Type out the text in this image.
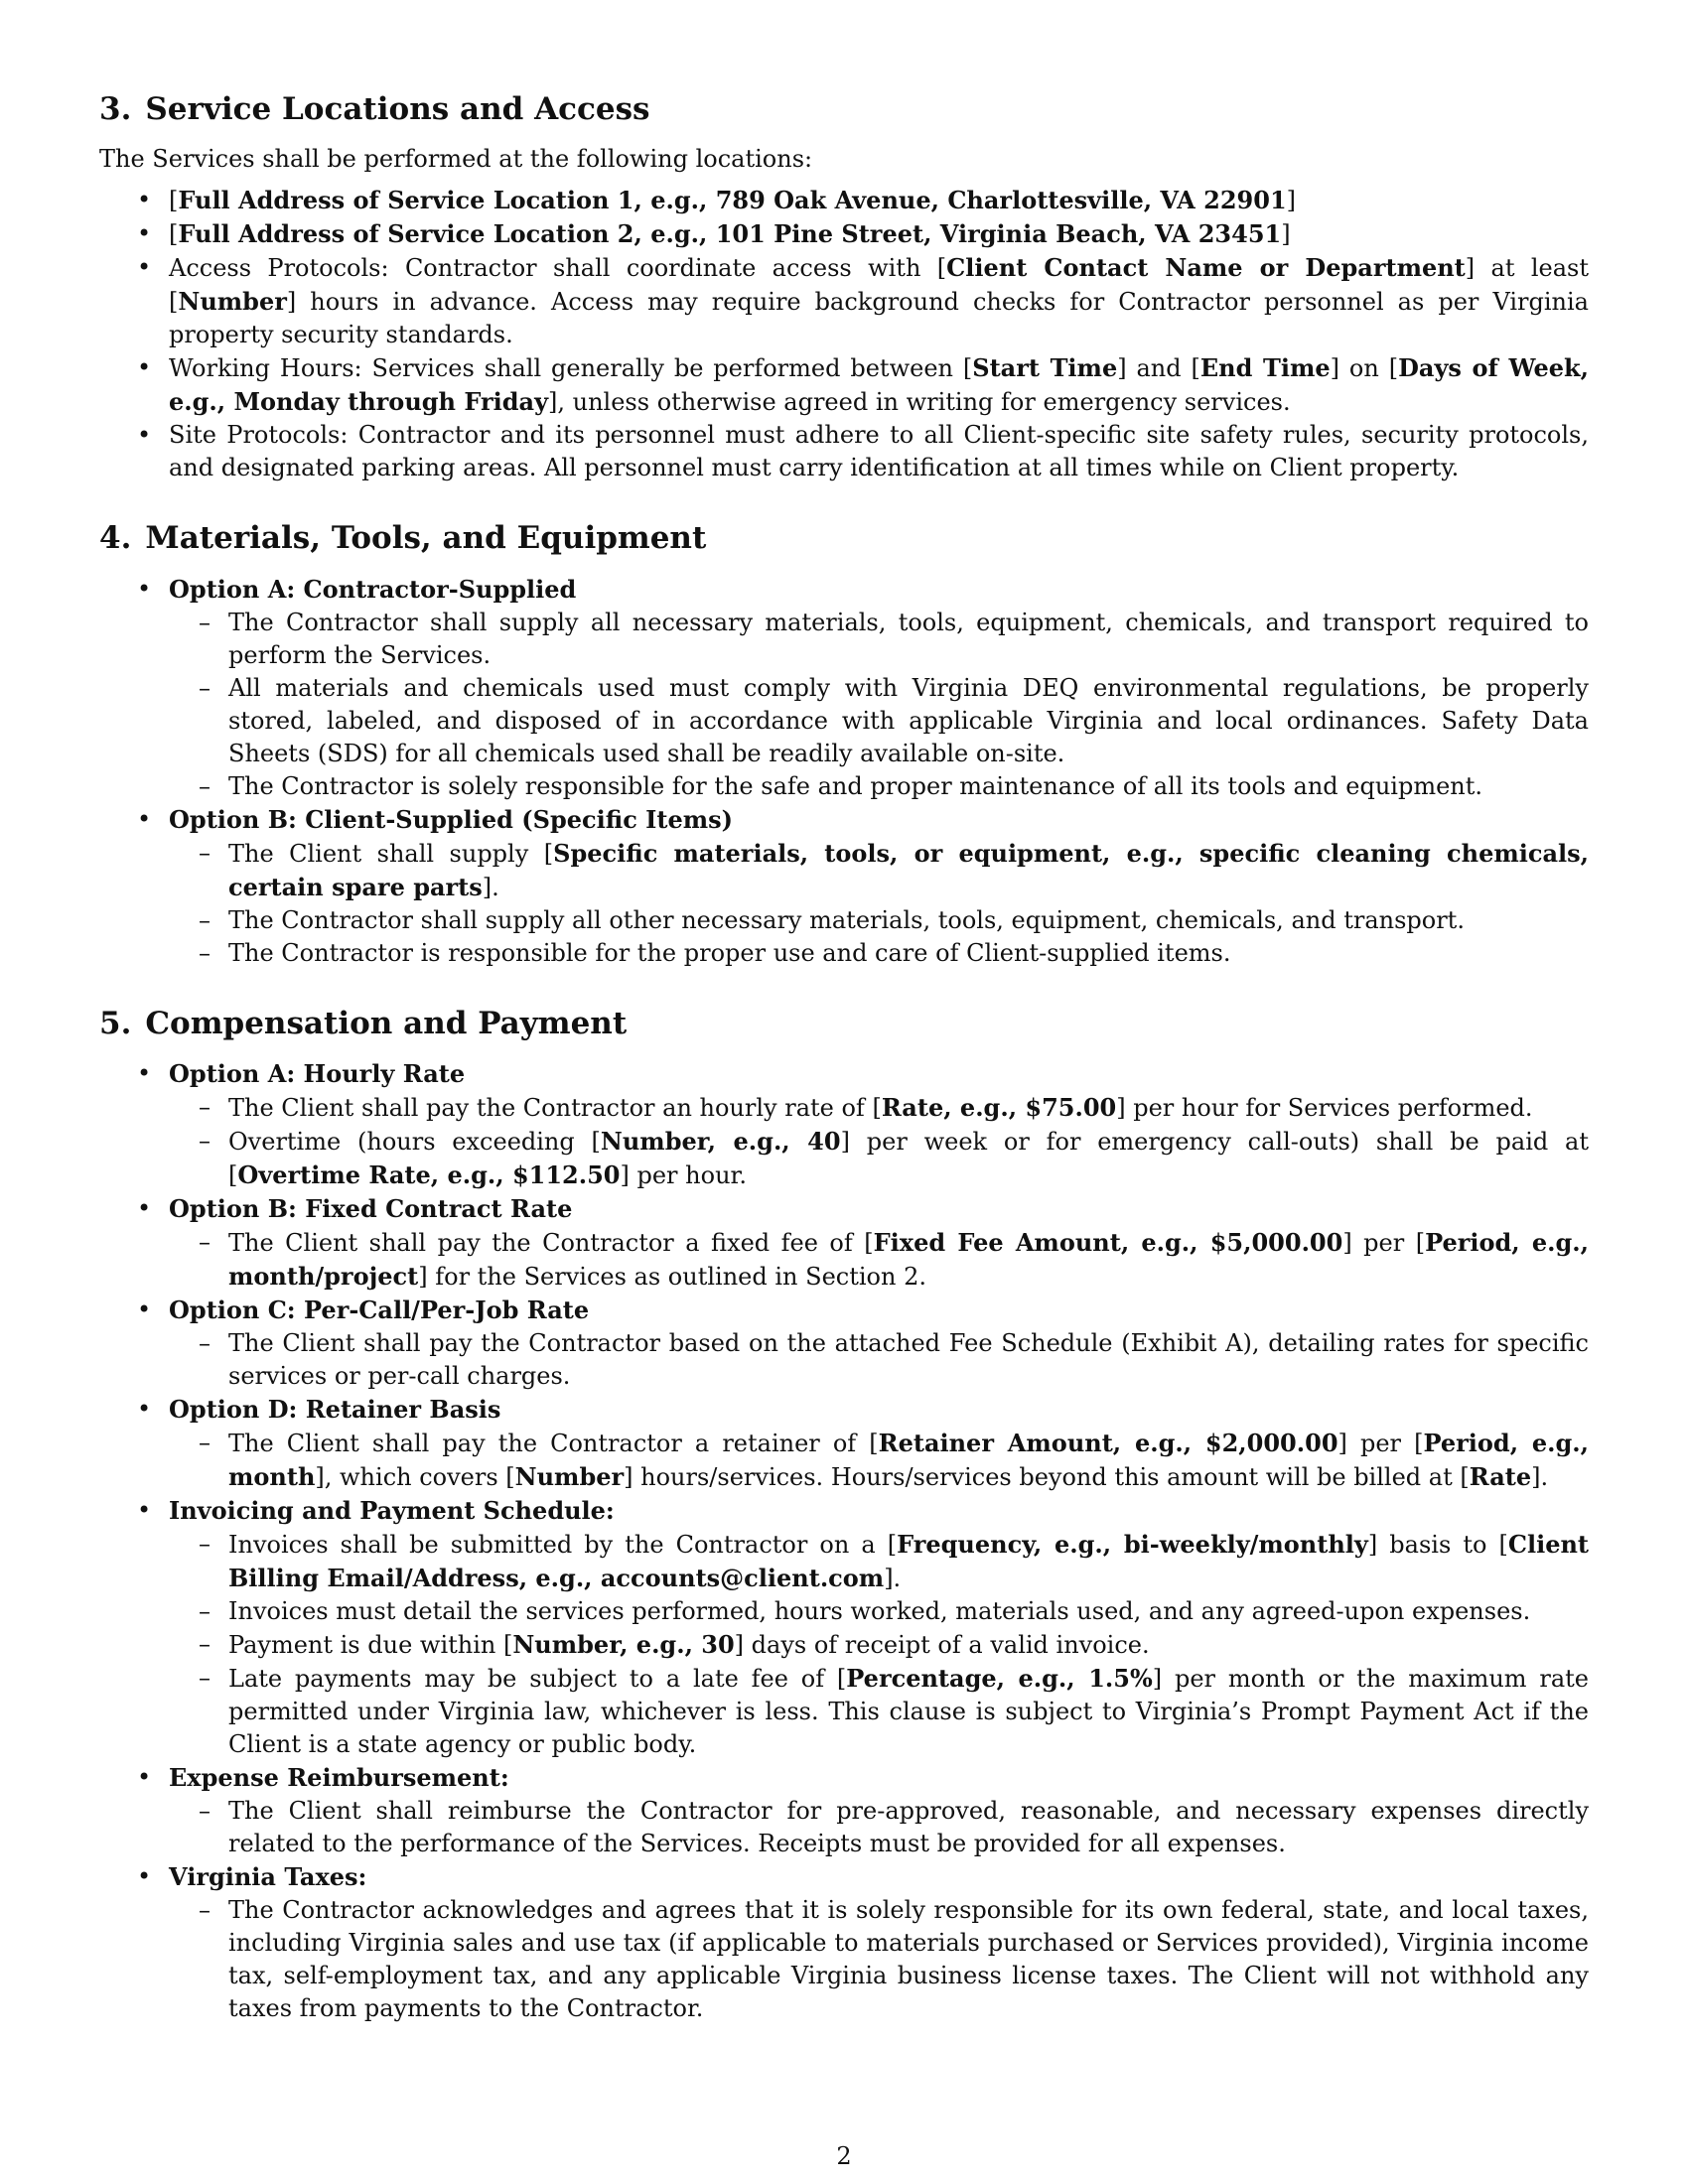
3. Service Locations and Access

The Services shall be performed at the following locations:

• [Full Address of Service Location 1, e.g., 789 Oak Avenue, Charlottesville, VA 22901]
• [Full Address of Service Location 2, e.g., 101 Pine Street, Virginia Beach, VA 23451]
• Access Protocols: Contractor shall coordinate access with [Client Contact Name or Department] at least [Number] hours in advance. Access may require background checks for Contractor personnel as per Virginia property security standards.
• Working Hours: Services shall generally be performed between [Start Time] and [End Time] on [Days of Week, e.g., Monday through Friday], unless otherwise agreed in writing for emergency services.
• Site Protocols: Contractor and its personnel must adhere to all Client-specific site safety rules, security protocols, and designated parking areas. All personnel must carry identification at all times while on Client property.
4. Materials, Tools, and Equipment
• Option A: Contractor-Supplied
– The Contractor shall supply all necessary materials, tools, equipment, chemicals, and transport required to perform the Services.
– All materials and chemicals used must comply with Virginia DEQ environmental regulations, be properly stored, labeled, and disposed of in accordance with applicable Virginia and local ordinances. Safety Data Sheets (SDS) for all chemicals used shall be readily available on-site.
– The Contractor is solely responsible for the safe and proper maintenance of all its tools and equipment.
• Option B: Client-Supplied (Specific Items)
– The Client shall supply [Specific materials, tools, or equipment, e.g., specific cleaning chemicals, certain spare parts].
– The Contractor shall supply all other necessary materials, tools, equipment, chemicals, and transport.
– The Contractor is responsible for the proper use and care of Client-supplied items.
5. Compensation and Payment
• Option A: Hourly Rate
– The Client shall pay the Contractor an hourly rate of [Rate, e.g., $75.00] per hour for Services performed.
– Overtime (hours exceeding [Number, e.g., 40] per week or for emergency call-outs) shall be paid at [Overtime Rate, e.g., $112.50] per hour.
• Option B: Fixed Contract Rate
– The Client shall pay the Contractor a fixed fee of [Fixed Fee Amount, e.g., $5,000.00] per [Period, e.g., month/project] for the Services as outlined in Section 2.
• Option C: Per-Call/Per-Job Rate
– The Client shall pay the Contractor based on the attached Fee Schedule (Exhibit A), detailing rates for specific services or per-call charges.
• Option D: Retainer Basis
– The Client shall pay the Contractor a retainer of [Retainer Amount, e.g., $2,000.00] per [Period, e.g., month], which covers [Number] hours/services. Hours/services beyond this amount will be billed at [Rate].
• Invoicing and Payment Schedule:
– Invoices shall be submitted by the Contractor on a [Frequency, e.g., bi-weekly/monthly] basis to [Client Billing Email/Address, e.g., accounts@client.com].
– Invoices must detail the services performed, hours worked, materials used, and any agreed-upon expenses.
– Payment is due within [Number, e.g., 30] days of receipt of a valid invoice.
– Late payments may be subject to a late fee of [Percentage, e.g., 1.5%] per month or the maximum rate permitted under Virginia law, whichever is less. This clause is subject to Virginia’s Prompt Payment Act if the Client is a state agency or public body.
• Expense Reimbursement:
– The Client shall reimburse the Contractor for pre-approved, reasonable, and necessary expenses directly related to the performance of the Services. Receipts must be provided for all expenses.
• Virginia Taxes:
– The Contractor acknowledges and agrees that it is solely responsible for its own federal, state, and local taxes, including Virginia sales and use tax (if applicable to materials purchased or Services provided), Virginia income tax, self-employment tax, and any applicable Virginia business license taxes. The Client will not withhold any taxes from payments to the Contractor.
2
